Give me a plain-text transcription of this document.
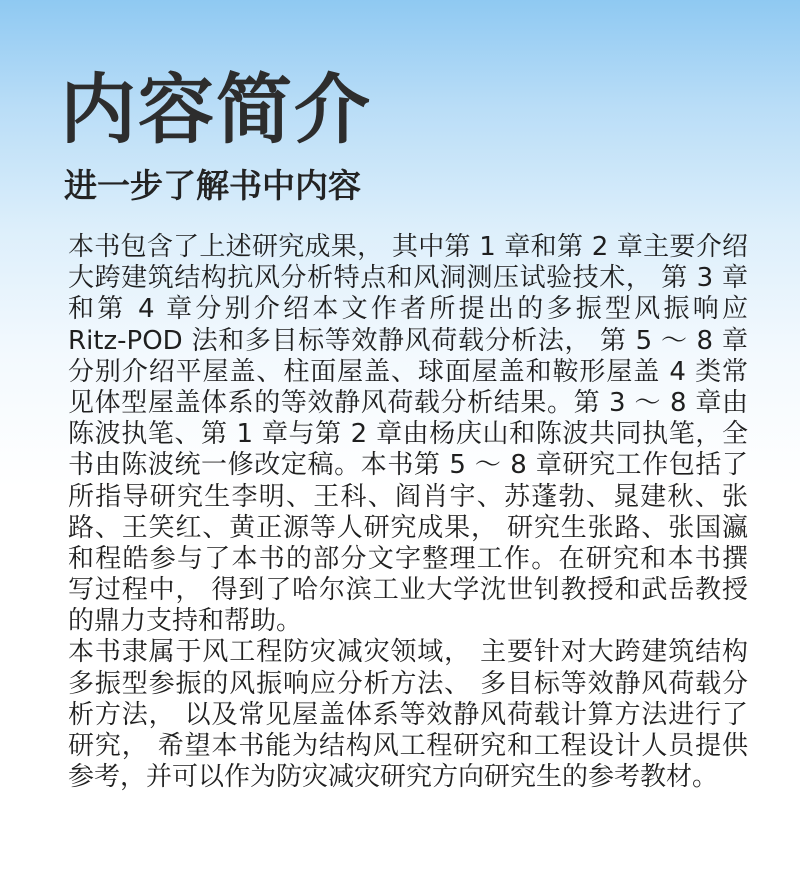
内容简介
进一步了解书中内容
本书包含了上述研究成果， 其中第 1 章和第 2 章主要介绍
大跨建筑结构抗风分析特点和风洞测压试验技术， 第 3 章
和第 4 章分别介绍本文作者所提出的多振型风振响应
Ritz-POD 法和多目标等效静风荷载分析法， 第 5 ～ 8 章
分别介绍平屋盖、柱面屋盖、球面屋盖和鞍形屋盖 4 类常
见体型屋盖体系的等效静风荷载分析结果。第 3 ～ 8 章由
陈波执笔、第 1 章与第 2 章由杨庆山和陈波共同执笔，全
书由陈波统一修改定稿。本书第 5 ～ 8 章研究工作包括了
所指导研究生李明、王科、阎肖宇、苏蓬勃、晁建秋、张
路、王笑红、黄正源等人研究成果， 研究生张路、张国瀛
和程皓参与了本书的部分文字整理工作。在研究和本书撰
写过程中， 得到了哈尔滨工业大学沈世钊教授和武岳教授
的鼎力支持和帮助。
本书隶属于风工程防灾减灾领域， 主要针对大跨建筑结构
多振型参振的风振响应分析方法、 多目标等效静风荷载分
析方法， 以及常见屋盖体系等效静风荷载计算方法进行了
研究， 希望本书能为结构风工程研究和工程设计人员提供
参考，并可以作为防灾减灾研究方向研究生的参考教材。
